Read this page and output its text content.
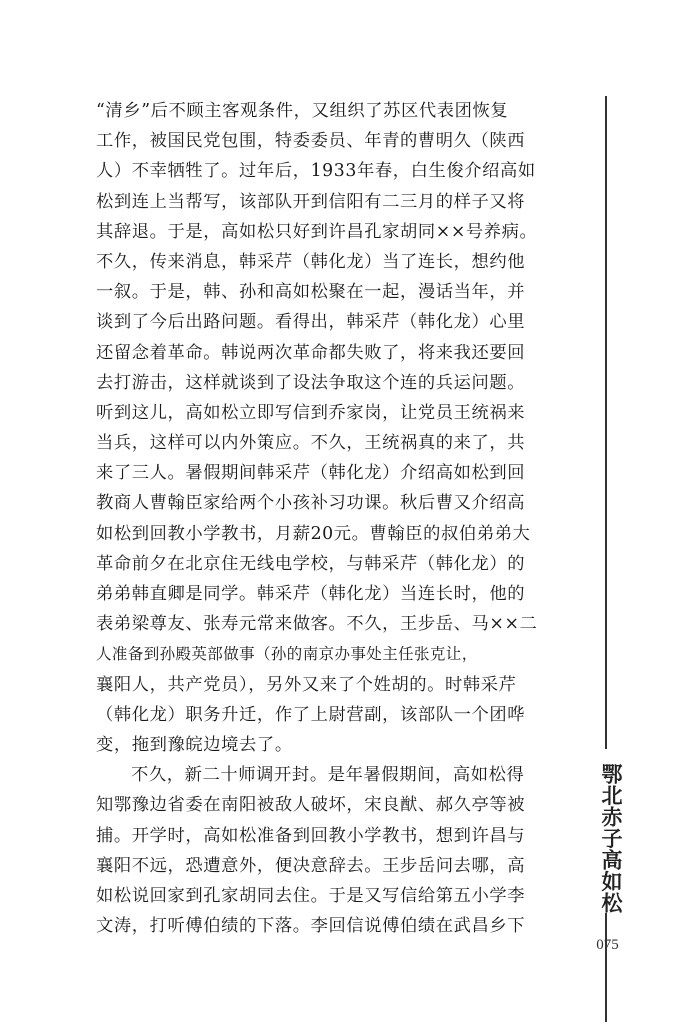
“清乡”后不顾主客观条件，又组织了苏区代表团恢复
工作，被国民党包围，特委委员、年青的曹明久（陕西
人）不幸牺牲了。过年后，1933年春，白生俊介绍高如
松到连上当帮写，该部队开到信阳有二三月的样子又将
其辞退。于是，高如松只好到许昌孔家胡同××号养病。
不久，传来消息，韩采芹（韩化龙）当了连长，想约他
一叙。于是，韩、孙和高如松聚在一起，漫话当年，并
谈到了今后出路问题。看得出，韩采芹（韩化龙）心里
还留念着革命。韩说两次革命都失败了，将来我还要回
去打游击，这样就谈到了设法争取这个连的兵运问题。
听到这儿，高如松立即写信到乔家岗，让党员王统祸来
当兵，这样可以内外策应。不久，王统祸真的来了，共
来了三人。暑假期间韩采芹（韩化龙）介绍高如松到回
教商人曹翰臣家给两个小孩补习功课。秋后曹又介绍高
如松到回教小学教书，月薪20元。曹翰臣的叔伯弟弟大
革命前夕在北京住无线电学校，与韩采芹（韩化龙）的
弟弟韩直卿是同学。韩采芹（韩化龙）当连长时，他的
表弟梁尊友、张寿元常来做客。不久，王步岳、马××二
人准备到孙殿英部做事（孙的南京办事处主任张克让，
襄阳人，共产党员），另外又来了个姓胡的。时韩采芹
（韩化龙）职务升迁，作了上尉营副，该部队一个团哗
变，拖到豫皖边境去了。
不久，新二十师调开封。是年暑假期间，高如松得
知鄂豫边省委在南阳被敌人破坏，宋良猷、郝久亭等被
捕。开学时，高如松准备到回教小学教书，想到许昌与
襄阳不远，恐遭意外，便决意辞去。王步岳问去哪，高
如松说回家到孔家胡同去住。于是又写信给第五小学李
文涛，打听傅伯绩的下落。李回信说傅伯绩在武昌乡下
鄂北赤子高如松
075
